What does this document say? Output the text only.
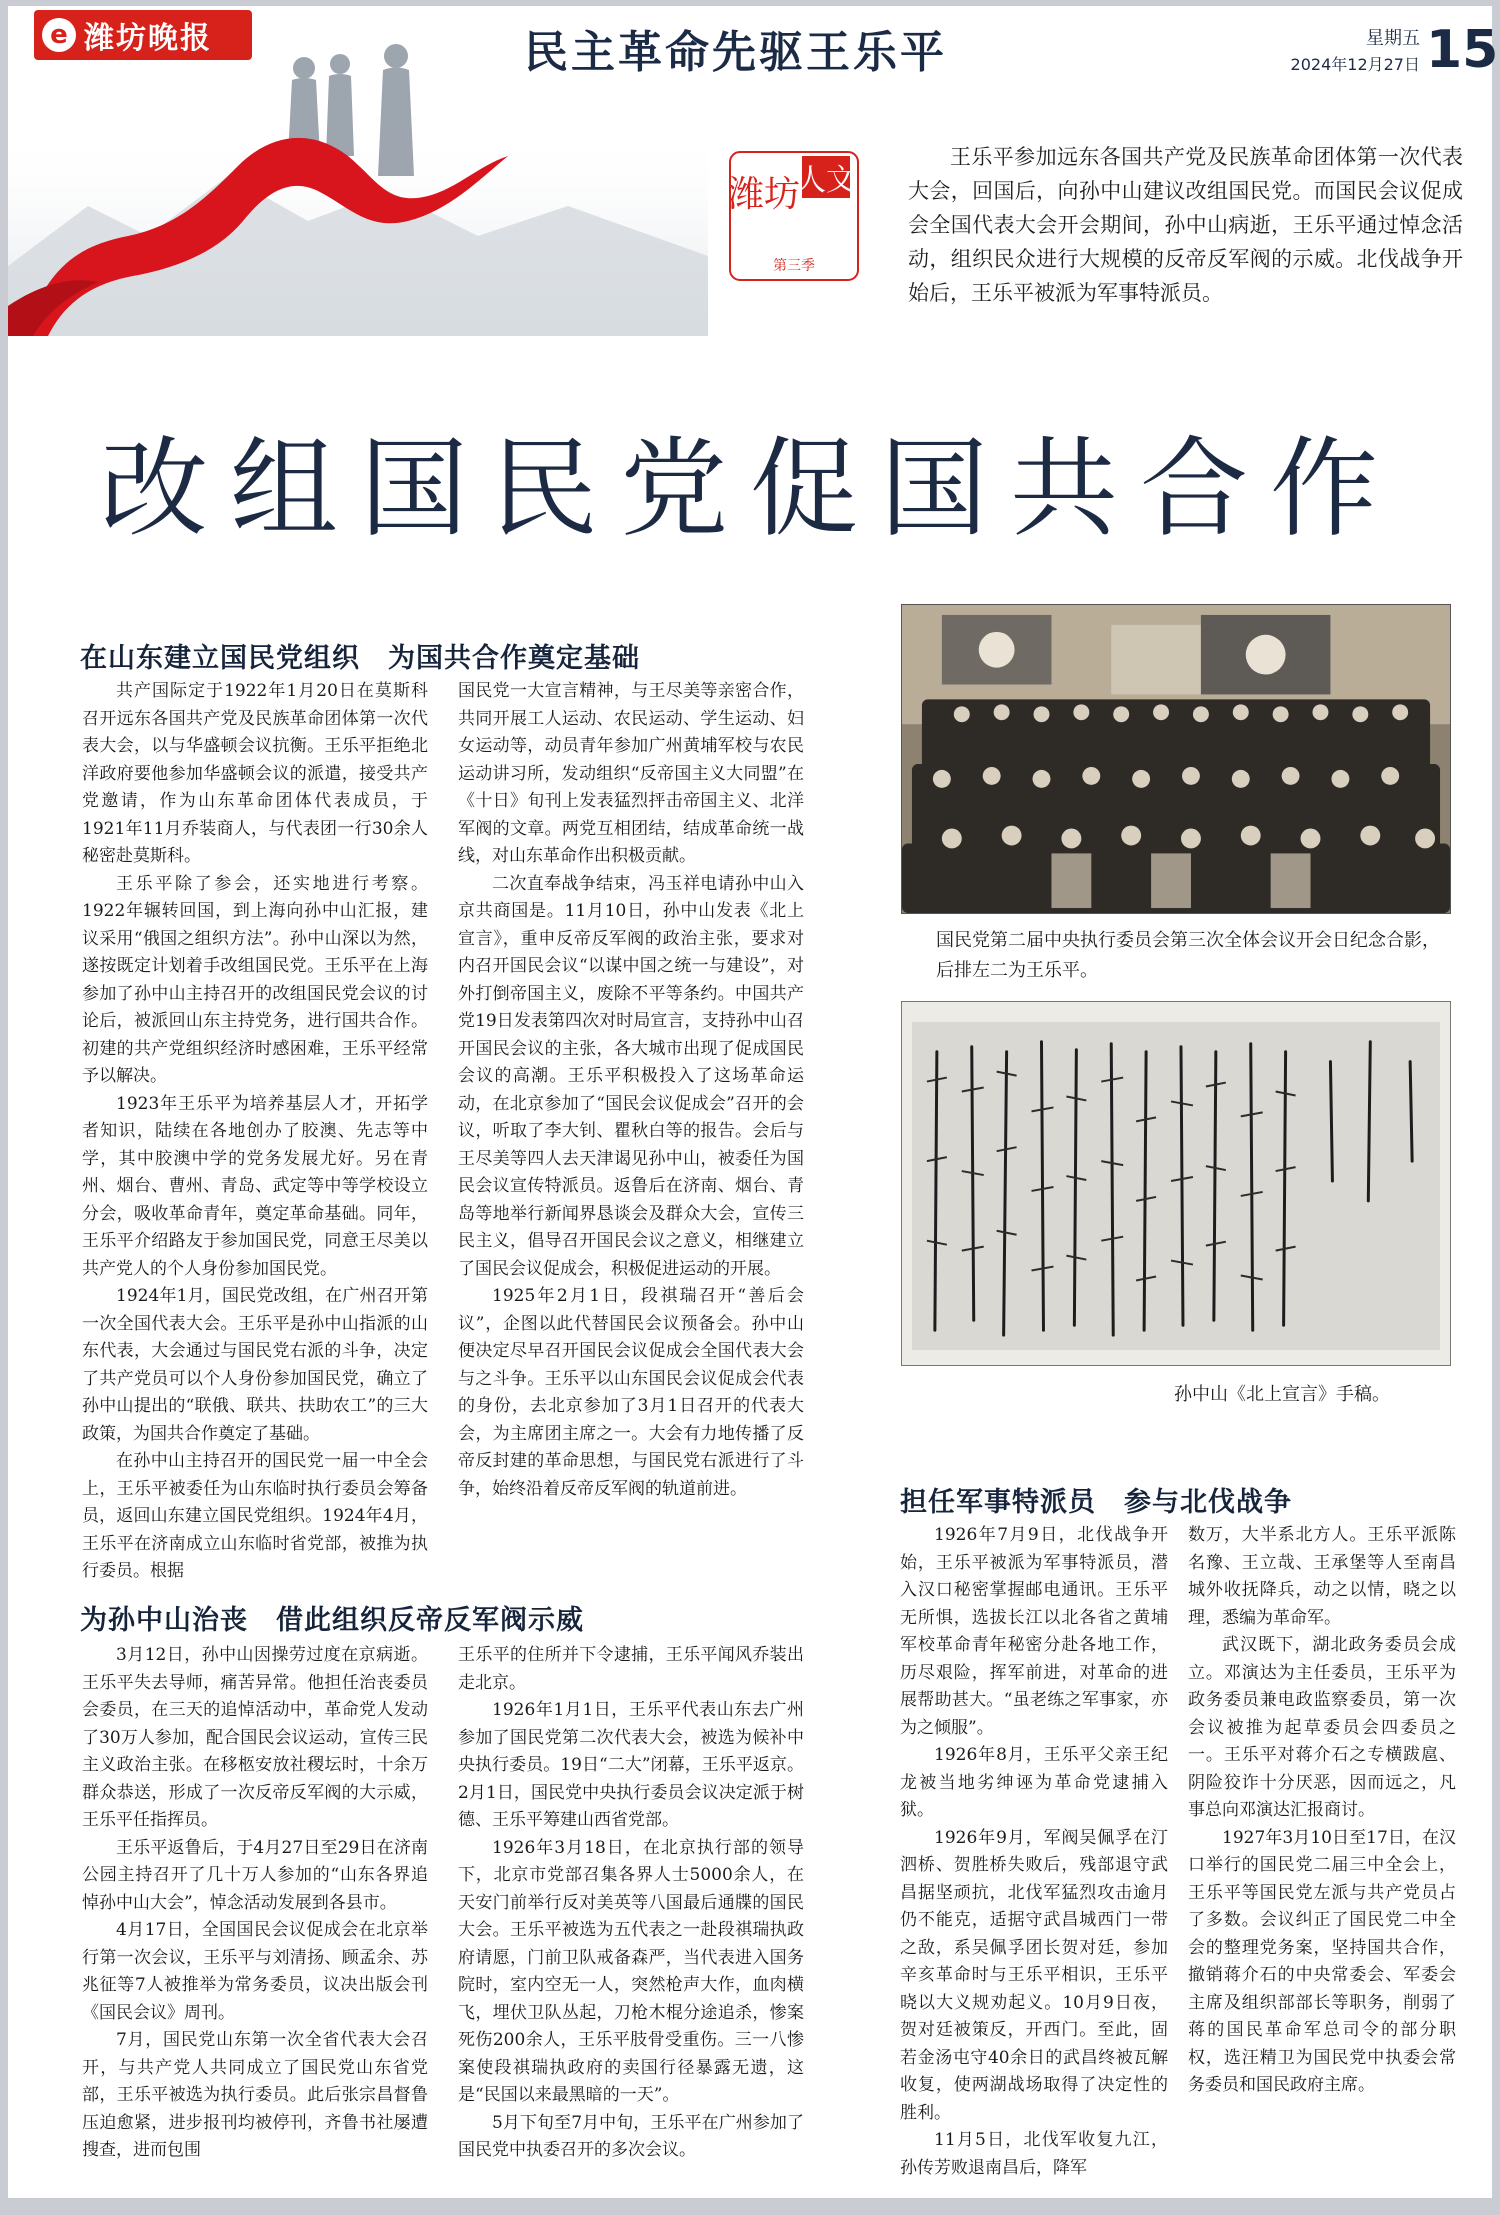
e 潍坊晚报	民主革命先驱王乐平	星期五
2024年12月27日 15
潍坊
人文
第三季

王乐平参加远东各国共产党及民族革命团体第一次代表大会，回国后，向孙中山建议改组国民党。而国民会议促成会全国代表大会开会期间，孙中山病逝，王乐平通过悼念活动，组织民众进行大规模的反帝反军阀的示威。北伐战争开始后，王乐平被派为军事特派员。

改组国民党促国共合作
在山东建立国民党组织　为国共合作奠定基础

共产国际定于1922年1月20日在莫斯科召开远东各国共产党及民族革命团体第一次代表大会，以与华盛顿会议抗衡。王乐平拒绝北洋政府要他参加华盛顿会议的派遣，接受共产党邀请，作为山东革命团体代表成员，于1921年11月乔装商人，与代表团一行30余人秘密赴莫斯科。

王乐平除了参会，还实地进行考察。1922年辗转回国，到上海向孙中山汇报，建议采用“俄国之组织方法”。孙中山深以为然，遂按既定计划着手改组国民党。王乐平在上海参加了孙中山主持召开的改组国民党会议的讨论后，被派回山东主持党务，进行国共合作。初建的共产党组织经济时感困难，王乐平经常予以解决。

1923年王乐平为培养基层人才，开拓学者知识，陆续在各地创办了胶澳、先志等中学，其中胶澳中学的党务发展尤好。另在青州、烟台、曹州、青岛、武定等中等学校设立分会，吸收革命青年，奠定革命基础。同年，王乐平介绍路友于参加国民党，同意王尽美以共产党人的个人身份参加国民党。

1924年1月，国民党改组，在广州召开第一次全国代表大会。王乐平是孙中山指派的山东代表，大会通过与国民党右派的斗争，决定了共产党员可以个人身份参加国民党，确立了孙中山提出的“联俄、联共、扶助农工”的三大政策，为国共合作奠定了基础。

在孙中山主持召开的国民党一届一中全会上，王乐平被委任为山东临时执行委员会筹备员，返回山东建立国民党组织。1924年4月，王乐平在济南成立山东临时省党部，被推为执行委员。根据

国民党一大宣言精神，与王尽美等亲密合作，共同开展工人运动、农民运动、学生运动、妇女运动等，动员青年参加广州黄埔军校与农民运动讲习所，发动组织“反帝国主义大同盟”在《十日》旬刊上发表猛烈抨击帝国主义、北洋军阀的文章。两党互相团结，结成革命统一战线，对山东革命作出积极贡献。

二次直奉战争结束，冯玉祥电请孙中山入京共商国是。11月10日，孙中山发表《北上宣言》，重申反帝反军阀的政治主张，要求对内召开国民会议“以谋中国之统一与建设”，对外打倒帝国主义，废除不平等条约。中国共产党19日发表第四次对时局宣言，支持孙中山召开国民会议的主张，各大城市出现了促成国民会议的高潮。王乐平积极投入了这场革命运动，在北京参加了“国民会议促成会”召开的会议，听取了李大钊、瞿秋白等的报告。会后与王尽美等四人去天津谒见孙中山，被委任为国民会议宣传特派员。返鲁后在济南、烟台、青岛等地举行新闻界恳谈会及群众大会，宣传三民主义，倡导召开国民会议之意义，相继建立了国民会议促成会，积极促进运动的开展。

1925年2月1日，段祺瑞召开“善后会议”，企图以此代替国民会议预备会。孙中山便决定尽早召开国民会议促成会全国代表大会与之斗争。王乐平以山东国民会议促成会代表的身份，去北京参加了3月1日召开的代表大会，为主席团主席之一。大会有力地传播了反帝反封建的革命思想，与国民党右派进行了斗争，始终沿着反帝反军阀的轨道前进。

国民党第二届中央执行委员会第三次全体会议开会日纪念合影，后排左二为王乐平。

孙中山《北上宣言》手稿。

担任军事特派员　参与北伐战争

1926年7月9日，北伐战争开始，王乐平被派为军事特派员，潜入汉口秘密掌握邮电通讯。王乐平无所惧，选拔长江以北各省之黄埔军校革命青年秘密分赴各地工作，历尽艰险，挥军前进，对革命的进展帮助甚大。“虽老练之军事家，亦为之倾服”。

1926年8月，王乐平父亲王纪龙被当地劣绅诬为革命党逮捕入狱。

1926年9月，军阀吴佩孚在汀泗桥、贺胜桥失败后，残部退守武昌据坚顽抗，北伐军猛烈攻击逾月仍不能克，适据守武昌城西门一带之敌，系吴佩孚团长贺对廷，参加辛亥革命时与王乐平相识，王乐平晓以大义规劝起义。10月9日夜，贺对廷被策反，开西门。至此，固若金汤屯守40余日的武昌终被瓦解收复，使两湖战场取得了决定性的胜利。

11月5日，北伐军收复九江，孙传芳败退南昌后，降军

数万，大半系北方人。王乐平派陈名豫、王立哉、王承堡等人至南昌城外收抚降兵，动之以情，晓之以理，悉编为革命军。

武汉既下，湖北政务委员会成立。邓演达为主任委员，王乐平为政务委员兼电政监察委员，第一次会议被推为起草委员会四委员之一。王乐平对蒋介石之专横跋扈、阴险狡诈十分厌恶，因而远之，凡事总向邓演达汇报商讨。

1927年3月10日至17日，在汉口举行的国民党二届三中全会上，王乐平等国民党左派与共产党员占了多数。会议纠正了国民党二中全会的整理党务案，坚持国共合作，撤销蒋介石的中央常委会、军委会主席及组织部部长等职务，削弱了蒋的国民革命军总司令的部分职权，选汪精卫为国民党中执委会常务委员和国民政府主席。

为孙中山治丧　借此组织反帝反军阀示威

3月12日，孙中山因操劳过度在京病逝。王乐平失去导师，痛苦异常。他担任治丧委员会委员，在三天的追悼活动中，革命党人发动了30万人参加，配合国民会议运动，宣传三民主义政治主张。在移柩安放社稷坛时，十余万群众恭送，形成了一次反帝反军阀的大示威，王乐平任指挥员。

王乐平返鲁后，于4月27日至29日在济南公园主持召开了几十万人参加的“山东各界追悼孙中山大会”，悼念活动发展到各县市。

4月17日，全国国民会议促成会在北京举行第一次会议，王乐平与刘清扬、顾孟余、苏兆征等7人被推举为常务委员，议决出版会刊《国民会议》周刊。

7月，国民党山东第一次全省代表大会召开，与共产党人共同成立了国民党山东省党部，王乐平被选为执行委员。此后张宗昌督鲁压迫愈紧，进步报刊均被停刊，齐鲁书社屡遭搜查，进而包围

王乐平的住所并下令逮捕，王乐平闻风乔装出走北京。

1926年1月1日，王乐平代表山东去广州参加了国民党第二次代表大会，被选为候补中央执行委员。19日“二大”闭幕，王乐平返京。2月1日，国民党中央执行委员会议决定派于树德、王乐平筹建山西省党部。

1926年3月18日，在北京执行部的领导下，北京市党部召集各界人士5000余人，在天安门前举行反对美英等八国最后通牒的国民大会。王乐平被选为五代表之一赴段祺瑞执政府请愿，门前卫队戒备森严，当代表进入国务院时，室内空无一人，突然枪声大作，血肉横飞，埋伏卫队丛起，刀枪木棍分途追杀，惨案死伤200余人，王乐平肢骨受重伤。三一八惨案使段祺瑞执政府的卖国行径暴露无遗，这是“民国以来最黑暗的一天”。

5月下旬至7月中旬，王乐平在广州参加了国民党中执委召开的多次会议。
